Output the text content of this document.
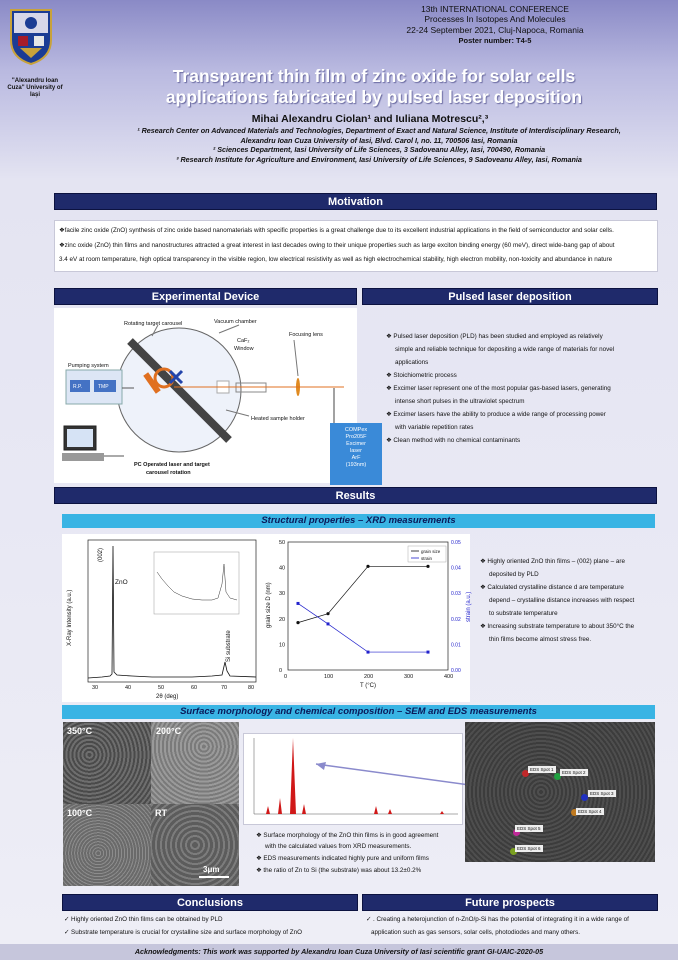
"Alexandru Ioan Cuza" University of Iași
13th INTERNATIONAL CONFERENCE
Processes In Isotopes And Molecules
22-24 September 2021, Cluj-Napoca, Romania
Poster number: T4-5
Transparent thin film of zinc oxide for solar cells
applications fabricated by pulsed laser deposition
Mihai Alexandru Ciolan¹ and Iuliana Motrescu²,³
¹ Research Center on Advanced Materials and Technologies, Department of Exact and Natural Science, Institute of Interdisciplinary Research,
Alexandru Ioan Cuza University of Iasi, Blvd. Carol I, no. 11, 700506 Iasi, Romania
² Sciences Department, Iasi University of Life Sciences, 3 Sadoveanu Alley, Iasi, 700490, Romania
³ Research Institute for Agriculture and Environment, Iasi University of Life Sciences, 9 Sadoveanu Alley, Iasi, Romania
Motivation
❖facile zinc oxide (ZnO) synthesis of zinc oxide based nanomaterials with specific properties is a great challenge due to its excellent industrial applications in the field of semiconductor and solar cells.
❖zinc oxide (ZnO) thin films and nanostructures attracted a great interest in last decades owing to their unique properties such as large exciton binding energy (60 meV), direct wide-bang gap of about
3.4 eV at room temperature, high optical transparency in the visible region, low electrical resistivity as well as high electrochemical stability, high electron mobility, non-toxicity and abundance in nature
Experimental Device
Rotating target carousel	Vacuum chamber
CaF₂
Window
Focusing lens
Pumping system
R.P.	TMP
Heated sample holder
PC Operated laser and target
carousel rotation
COMPex
Pro205F
Excimer
laser
ArF
(193nm)
Pulsed laser deposition
❖ Pulsed laser deposition (PLD) has been studied and employed as relatively
simple and reliable technique for depositing a wide range of materials for novel
applications
❖ Stoichiometric process
❖ Excimer laser represent one of the most popular gas-based lasers, generating
intense short pulses in the ultraviolet spectrum
❖ Excimer lasers have the ability to produce a wide range of processing power
with variable repetition rates
❖ Clean method with no chemical contaminants
Results
Structural properties – XRD measurements
X-Ray Intensity (a.u.)
2θ (deg)
(002)
ZnO
Si substrate
30	40	50	60	70	80
0	100	200	300	400
0
10
20
30
40
50
0.00
0.01
0.02
0.03
0.04
0.05
T (°C)
grain size D (nm)	strain (a.u.)
grain size
strain	❖ Highly oriented ZnO thin films – (002) plane – are
deposited by PLD
❖ Calculated crystalline distance d are temperature
depend – crystalline distance increases with respect
to substrate temperature
❖ Increasing substrate temperature to about 350°C the
thin films become almost stress free.
Surface morphology and chemical composition – SEM and EDS measurements
350°C	200°C
100°C	RT
3μm
EDS Spot 1
EDS Spot 2
EDS Spot 3
EDS Spot 4
EDS Spot 5
EDS Spot 6
❖ Surface morphology of the ZnO thin films is in good agreement
with the calculated values from XRD measurements.
❖ EDS measurements indicated highly pure and uniform films
❖ the ratio of Zn to Si (the substrate) was about 13.2±0.2%
Conclusions
✓ Highly oriented ZnO thin films can be obtained by PLD
✓ Substrate temperature is crucial for crystalline size and surface morphology of ZnO
Future prospects
✓ . Creating a heterojunction of n-ZnO/p-Si has the potential of integrating it in a wide range of
application such as gas sensors, solar cells, photodiodes and many others.
Acknowledgments: This work was supported by Alexandru Ioan Cuza University of Iasi scientific grant GI-UAIC-2020-05
